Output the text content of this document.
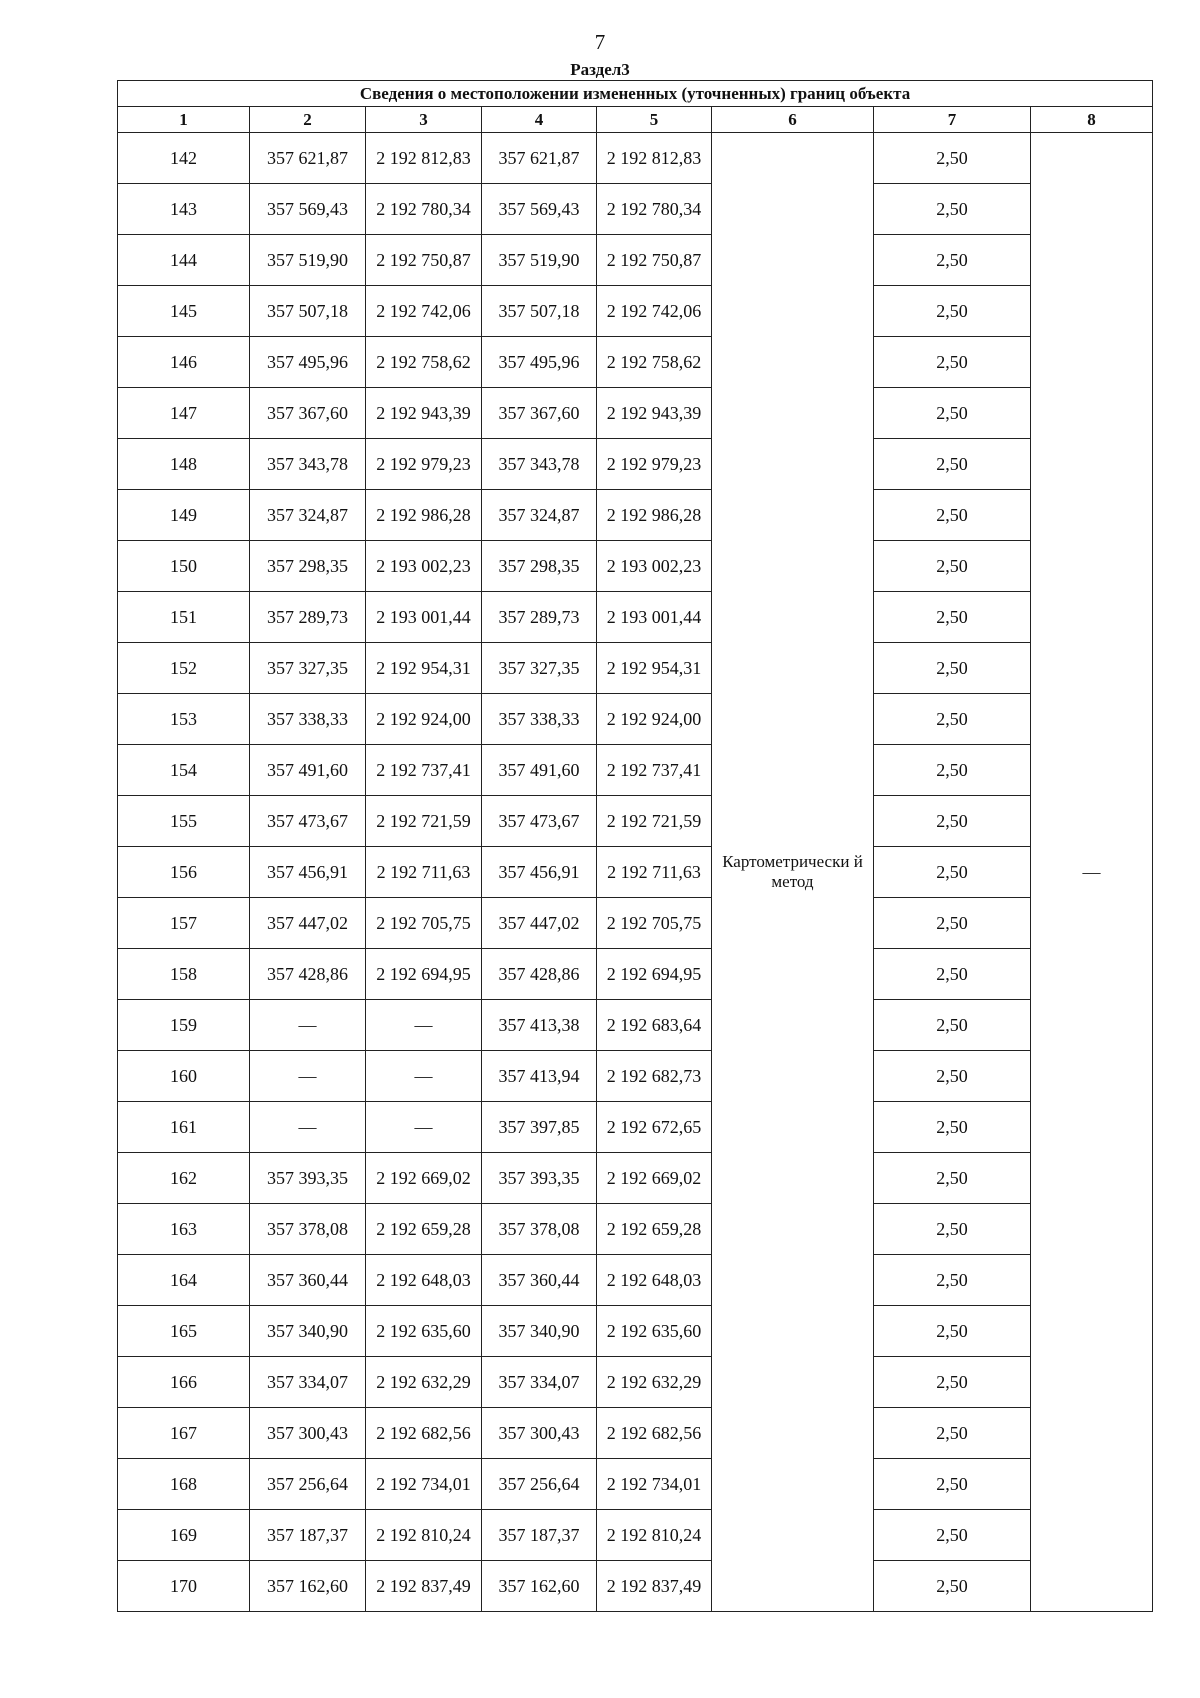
7
Раздел3
Сведения о местоположении измененных (уточненных) границ объекта							
1	2	3	4	5	6	7	8
142	357 621,87	2 192 812,83	357 621,87	2 192 812,83	Картометрически й метод	2,50	—
143	357 569,43	2 192 780,34	357 569,43	2 192 780,34		2,50	
144	357 519,90	2 192 750,87	357 519,90	2 192 750,87		2,50	
145	357 507,18	2 192 742,06	357 507,18	2 192 742,06		2,50	
146	357 495,96	2 192 758,62	357 495,96	2 192 758,62		2,50	
147	357 367,60	2 192 943,39	357 367,60	2 192 943,39		2,50	
148	357 343,78	2 192 979,23	357 343,78	2 192 979,23		2,50	
149	357 324,87	2 192 986,28	357 324,87	2 192 986,28		2,50	
150	357 298,35	2 193 002,23	357 298,35	2 193 002,23		2,50	
151	357 289,73	2 193 001,44	357 289,73	2 193 001,44		2,50	
152	357 327,35	2 192 954,31	357 327,35	2 192 954,31		2,50	
153	357 338,33	2 192 924,00	357 338,33	2 192 924,00		2,50	
154	357 491,60	2 192 737,41	357 491,60	2 192 737,41		2,50	
155	357 473,67	2 192 721,59	357 473,67	2 192 721,59		2,50	
156	357 456,91	2 192 711,63	357 456,91	2 192 711,63		2,50	
157	357 447,02	2 192 705,75	357 447,02	2 192 705,75		2,50	
158	357 428,86	2 192 694,95	357 428,86	2 192 694,95		2,50	
159	—	—	357 413,38	2 192 683,64		2,50	
160	—	—	357 413,94	2 192 682,73		2,50	
161	—	—	357 397,85	2 192 672,65		2,50	
162	357 393,35	2 192 669,02	357 393,35	2 192 669,02		2,50	
163	357 378,08	2 192 659,28	357 378,08	2 192 659,28		2,50	
164	357 360,44	2 192 648,03	357 360,44	2 192 648,03		2,50	
165	357 340,90	2 192 635,60	357 340,90	2 192 635,60		2,50	
166	357 334,07	2 192 632,29	357 334,07	2 192 632,29		2,50	
167	357 300,43	2 192 682,56	357 300,43	2 192 682,56		2,50	
168	357 256,64	2 192 734,01	357 256,64	2 192 734,01		2,50	
169	357 187,37	2 192 810,24	357 187,37	2 192 810,24		2,50	
170	357 162,60	2 192 837,49	357 162,60	2 192 837,49		2,50	
